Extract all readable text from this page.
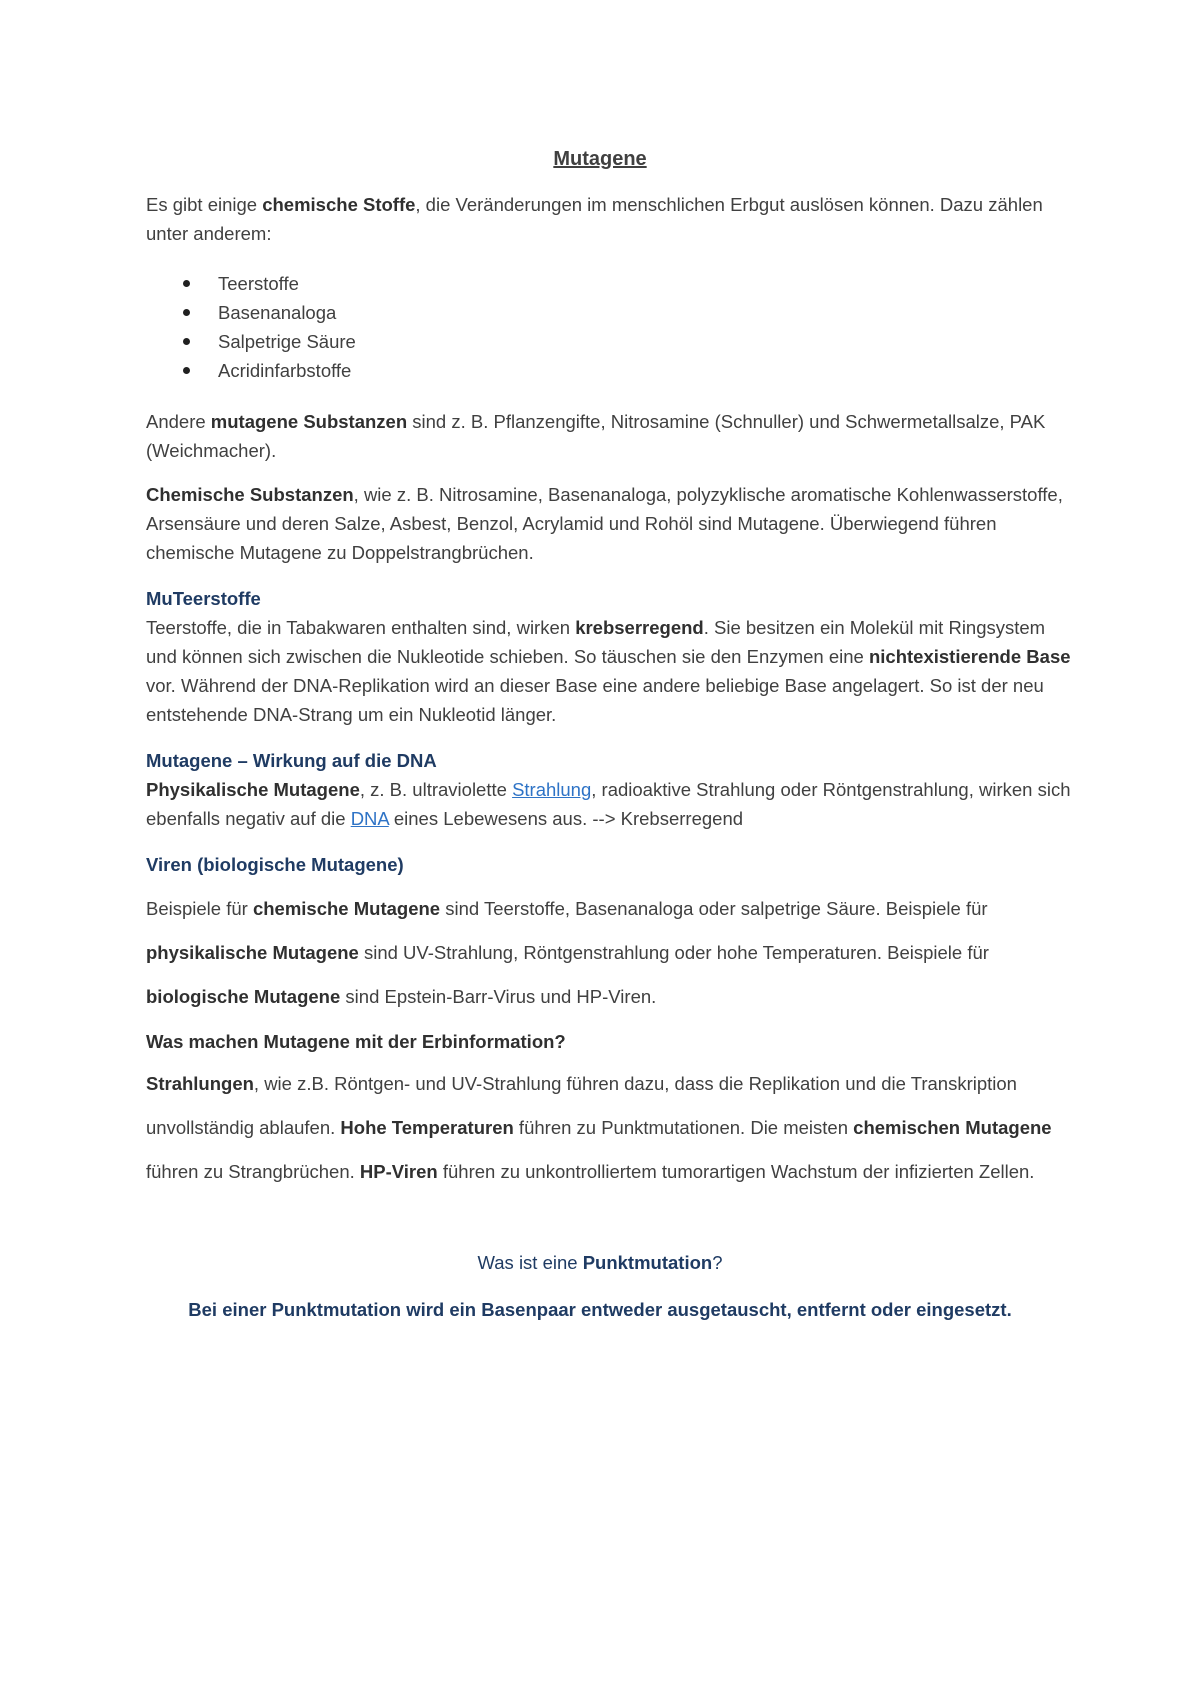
Mutagene

Es gibt einige chemische Stoffe, die Veränderungen im menschlichen Erbgut auslösen können. Dazu zählen unter anderem:

Teerstoffe
Basenanaloga
Salpetrige Säure
Acridinfarbstoffe

Andere mutagene Substanzen sind z. B. Pflanzengifte, Nitrosamine (Schnuller) und Schwermetallsalze, PAK (Weichmacher).

Chemische Substanzen, wie z. B. Nitrosamine, Basenanaloga, polyzyklische aromatische Kohlenwasserstoffe, Arsensäure und deren Salze, Asbest, Benzol, Acrylamid und Rohöl sind Mutagene. Überwiegend führen chemische Mutagene zu Doppelstrangbrüchen.

MuTeerstoffe
Teerstoffe, die in Tabakwaren enthalten sind, wirken krebserregend. Sie besitzen ein Molekül mit Ringsystem und können sich zwischen die Nukleotide schieben. So täuschen sie den Enzymen eine nichtexistierende Base vor. Während der DNA-Replikation wird an dieser Base eine andere beliebige Base angelagert. So ist der neu entstehende DNA-Strang um ein Nukleotid länger.

Mutagene – Wirkung auf die DNA
Physikalische Mutagene, z. B. ultraviolette Strahlung, radioaktive Strahlung oder Röntgenstrahlung, wirken sich ebenfalls negativ auf die DNA eines Lebewesens aus. --> Krebserregend

Viren (biologische Mutagene)

Beispiele für chemische Mutagene sind Teerstoffe, Basenanaloga oder salpetrige Säure. Beispiele für physikalische Mutagene sind UV-Strahlung, Röntgenstrahlung oder hohe Temperaturen. Beispiele für biologische Mutagene sind Epstein-Barr-Virus und HP-Viren.

Was machen Mutagene mit der Erbinformation?

Strahlungen, wie z.B. Röntgen- und UV-Strahlung führen dazu, dass die Replikation und die Transkription unvollständig ablaufen. Hohe Temperaturen führen zu Punktmutationen. Die meisten chemischen Mutagene führen zu Strangbrüchen. HP-Viren führen zu unkontrolliertem tumorartigen Wachstum der infizierten Zellen.

Was ist eine Punktmutation?

Bei einer Punktmutation wird ein Basenpaar entweder ausgetauscht, entfernt oder eingesetzt.
